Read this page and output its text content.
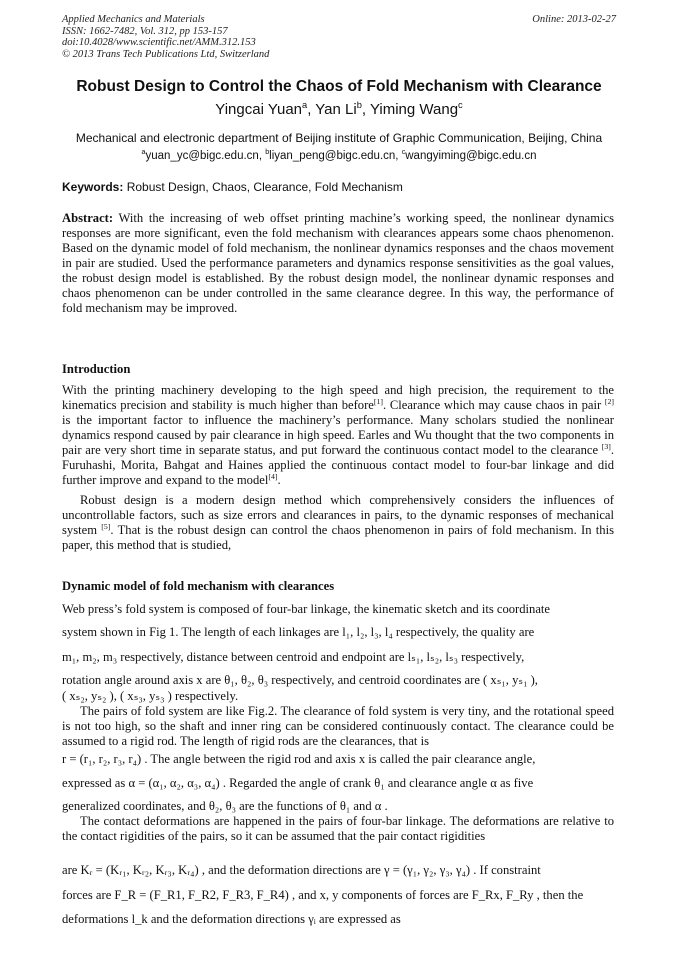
Applied Mechanics and Materials
ISSN: 1662-7482, Vol. 312, pp 153-157
doi:10.4028/www.scientific.net/AMM.312.153
© 2013 Trans Tech Publications Ltd, Switzerland
Online: 2013-02-27
Robust Design to Control the Chaos of Fold Mechanism with Clearance
Yingcai Yuan$^a$, Yan Li$^b$, Yiming Wang$^c$
Mechanical and electronic department of Beijing institute of Graphic Communication, Beijing, China
$^a$yuan_yc@bigc.edu.cn, $^b$liyan_peng@bigc.edu.cn, $^c$wangyiming@bigc.edu.cn
Keywords: Robust Design, Chaos, Clearance, Fold Mechanism
Abstract: With the increasing of web offset printing machine’s working speed, the nonlinear dynamics responses are more significant, even the fold mechanism with clearances appears some chaos phenomenon. Based on the dynamic model of fold mechanism, the nonlinear dynamics responses and the chaos movement in pair are studied. Used the performance parameters and dynamics response sensitivities as the goal values, the robust design model is established. By the robust design model, the nonlinear dynamic responses and chaos phenomenon can be under controlled in the same clearance degree. In this way, the performance of fold mechanism may be improved.
Introduction
With the printing machinery developing to the high speed and high precision, the requirement to the kinematics precision and stability is much higher than before[1]. Clearance which may cause chaos in pair [2] is the important factor to influence the machinery’s performance. Many scholars studied the nonlinear dynamics respond caused by pair clearance in high speed. Earles and Wu thought that the two components in pair are very short time in separate status, and put forward the continuous contact model to the clearance [3]. Furuhashi, Morita, Bahgat and Haines applied the continuous contact model to four-bar linkage and did further improve and expand to the model[4].
Robust design is a modern design method which comprehensively considers the influences of uncontrollable factors, such as size errors and clearances in pairs, to the dynamic responses of mechanical system [5]. That is the robust design can control the chaos phenomenon in pairs of fold mechanism. In this paper, this method that is studied,
Dynamic model of fold mechanism with clearances
Web press’s fold system is composed of four-bar linkage, the kinematic sketch and its coordinate
system shown in Fig 1. The length of each linkages are l₁, l₂, l₃, l₄ respectively, the quality are
m₁, m₂, m₃ respectively, distance between centroid and endpoint are lₛ₁, lₛ₂, lₛ₃ respectively,
rotation angle around axis x are θ₁, θ₂, θ₃ respectively, and centroid coordinates are ( xₛ₁, yₛ₁ ),
( xₛ₂, yₛ₂ ), ( xₛ₃, yₛ₃ ) respectively.
The pairs of fold system are like Fig.2. The clearance of fold system is very tiny, and the rotational speed is not too high, so the shaft and inner ring can be considered continuously contact. The clearance could be assumed to a rigid rod. The length of rigid rods are the clearances, that is
r = (r₁, r₂, r₃, r₄) . The angle between the rigid rod and axis x is called the pair clearance angle,
expressed as α = (α₁, α₂, α₃, α₄) . Regarded the angle of crank θ₁ and clearance angle α as five
generalized coordinates, and θ₂, θ₃ are the functions of θ₁ and α .
The contact deformations are happened in the pairs of four-bar linkage. The deformations are relative to the contact rigidities of the pairs, so it can be assumed that the pair contact rigidities
are Kᵣ = (Kᵣ₁, Kᵣ₂, Kᵣ₃, Kᵣ₄) , and the deformation directions are γ = (γ₁, γ₂, γ₃, γ₄) . If constraint
forces are F_R = (F_R1, F_R2, F_R3, F_R4) , and x, y components of forces are F_Rx, F_Ry , then the
deformations l_k and the deformation directions γᵢ are expressed as
